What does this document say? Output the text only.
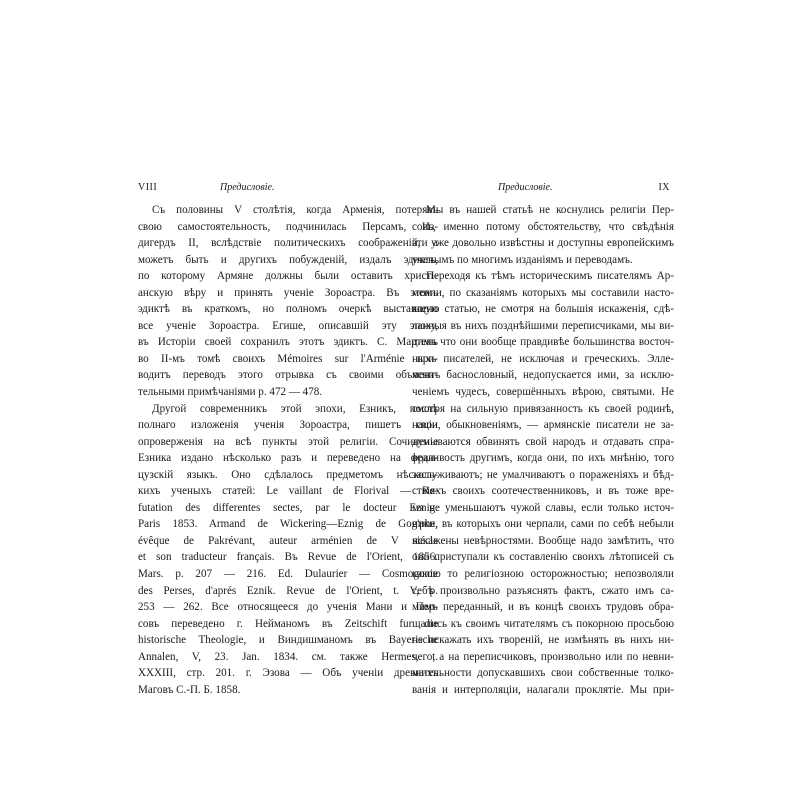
VIII	Предисловіе.
Съ половины V столѣтія, когда Арменія, потерявъ
свою самостоятельность, подчинилась Персамъ, Из-
дигердъ II, вслѣдствіе политическихъ соображеній, а
можетъ быть и другихъ побужденій, издалъ эдиктъ,
по которому Армяне должны были оставить христі-
анскую вѣру и принять ученіе Зороастра. Въ этомъ
эдиктѣ въ краткомъ, но полномъ очеркѣ выставлено
все ученіе Зороастра. Егише, описавшій эту эпоху,
въ Исторіи своей сохранилъ этотъ эдиктъ. С. Мартенъ
во II-мъ томѣ своихъ Mémoires sur l'Arménie при-
водитъ переводъ этого отрывка съ своими объясни-
тельными примѣчаніями p. 472 — 478.
Другой современникъ этой эпохи, Езникъ, послѣ
полнаго изложенія ученія Зороастра, пишетъ свои
опроверженія на всѣ пункты этой религіи. Сочиненіе
Езника издано нѣсколько разъ и переведено на фран-
цузскій языкъ. Оно сдѣлалось предметомъ нѣсколь-
кихъ ученыхъ статей: Le vaillant de Florival — Re-
futation des differentes sectes, par le docteur Eznig.
Paris 1853. Armand de Wickering—Eznig de Gog'phe,
évêque de Pakrévant, auteur arménien de V siécle
et son traducteur français. Въ Revue de l'Orient, 1856.
Mars. p. 207 — 216. Ed. Dulaurier — Cosmogonie
des Perses, d'aprés Eznik. Revue de l'Orient, t. V, p.
253 — 262. Все относящееся до ученія Мани и Пер-
совъ переведено г. Нейманомъ въ Zeitschift fur die
historische Theologie, и Виндишманомъ въ Bayerische
Annalen, V, 23. Jan. 1834. см. также Hermes, t.
XXXIII, стр. 201. г. Эзова — Объ ученіи древнихъ
Маговъ С.-П. Б. 1858.
Предисловіе.	IX
Мы въ нашей статьѣ не коснулись религіи Пер-
совъ, именно потому обстоятельству, что свѣдѣнія
эти уже довольно извѣстны и доступны европейскимъ
ученымъ по многимъ изданіямъ и переводамъ.
Переходя къ тѣмъ историческимъ писателямъ Ар-
мении, по сказаніямъ которыхъ мы составили насто-
ящую статью, не смотря на большія искаженія, сдѣ-
ланныя въ нихъ позднѣйшими переписчиками, мы ви-
димъ что они вообще правдивѣе большинства восточ-
ныхъ писателей, не исключая и греческихъ. Элле-
ментъ баснословный, недопускается ими, за исклю-
ченіемъ чудесъ, совершённыхъ вѣрою, святыми. Не
смотря на сильную привязанность къ своей родинѣ,
націи, обыкновеніямъ, — армянскіе писатели не за-
думываются обвинять свой народъ и отдавать спра-
ведливость другимъ, когда они, по ихъ мнѣнію, того
заслуживаютъ; не умалчиваютъ о пораженіяхъ и бѣд-
ствіяхъ своихъ соотечественниковъ, и въ тоже вре-
мя не уменьшаютъ чужой славы, если только источ-
ники, въ которыхъ они черпали, сами по себѣ небыли
искажены невѣрностями. Вообще надо замѣтить, что
они приступали къ составленію своихъ лѣтописей съ
какою то религіозною осторожностью; непозволяли
себѣ произвольно разъяснять фактъ, сжато имъ са-
мимъ переданный, и въ концѣ своихъ трудовъ обра-
щались къ своимъ читателямъ съ покорною просьбою
не искажать ихъ твореній, не измѣнять въ нихъ ни-
чего, а на переписчиковъ, произвольно или по невни-
мательности допускавшихъ свои собственные толко-
ванія и интерполяціи, налагали проклятіе. Мы при-
